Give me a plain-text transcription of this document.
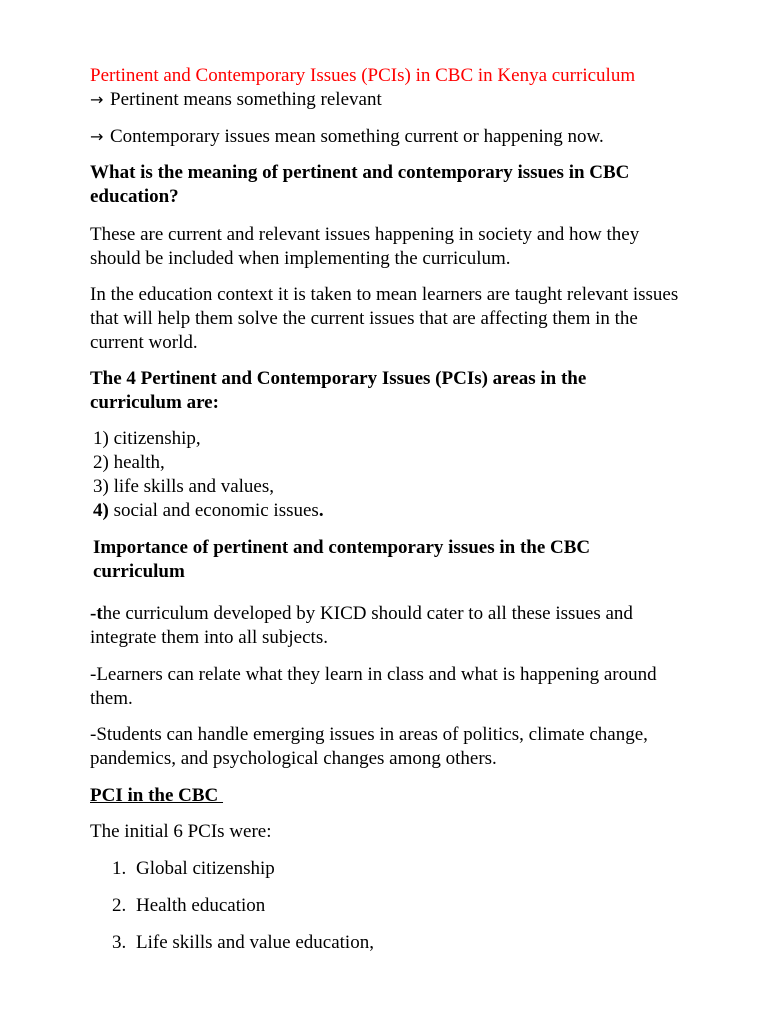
Pertinent and Contemporary Issues (PCIs) in CBC in Kenya curriculum

→ Pertinent means something relevant

→ Contemporary issues mean something current or happening now.

What is the meaning of pertinent and contemporary issues in CBC education?

These are current and relevant issues happening in society and how they should be included when implementing the curriculum.

In the education context it is taken to mean learners are taught relevant issues that will help them solve the current issues that are affecting them in the current world.

The 4 Pertinent and Contemporary Issues (PCIs) areas in the curriculum are:

1) citizenship,
2) health,
3) life skills and values,
4) social and economic issues.

Importance of pertinent and contemporary issues in the CBC curriculum

-the curriculum developed by KICD should cater to all these issues and integrate them into all subjects.

-Learners can relate what they learn in class and what is happening around them.

-Students can handle emerging issues in areas of politics, climate change, pandemics, and psychological changes among others.

PCI in the CBC

The initial 6 PCIs were:

1. Global citizenship
2. Health education
3. Life skills and value education,
